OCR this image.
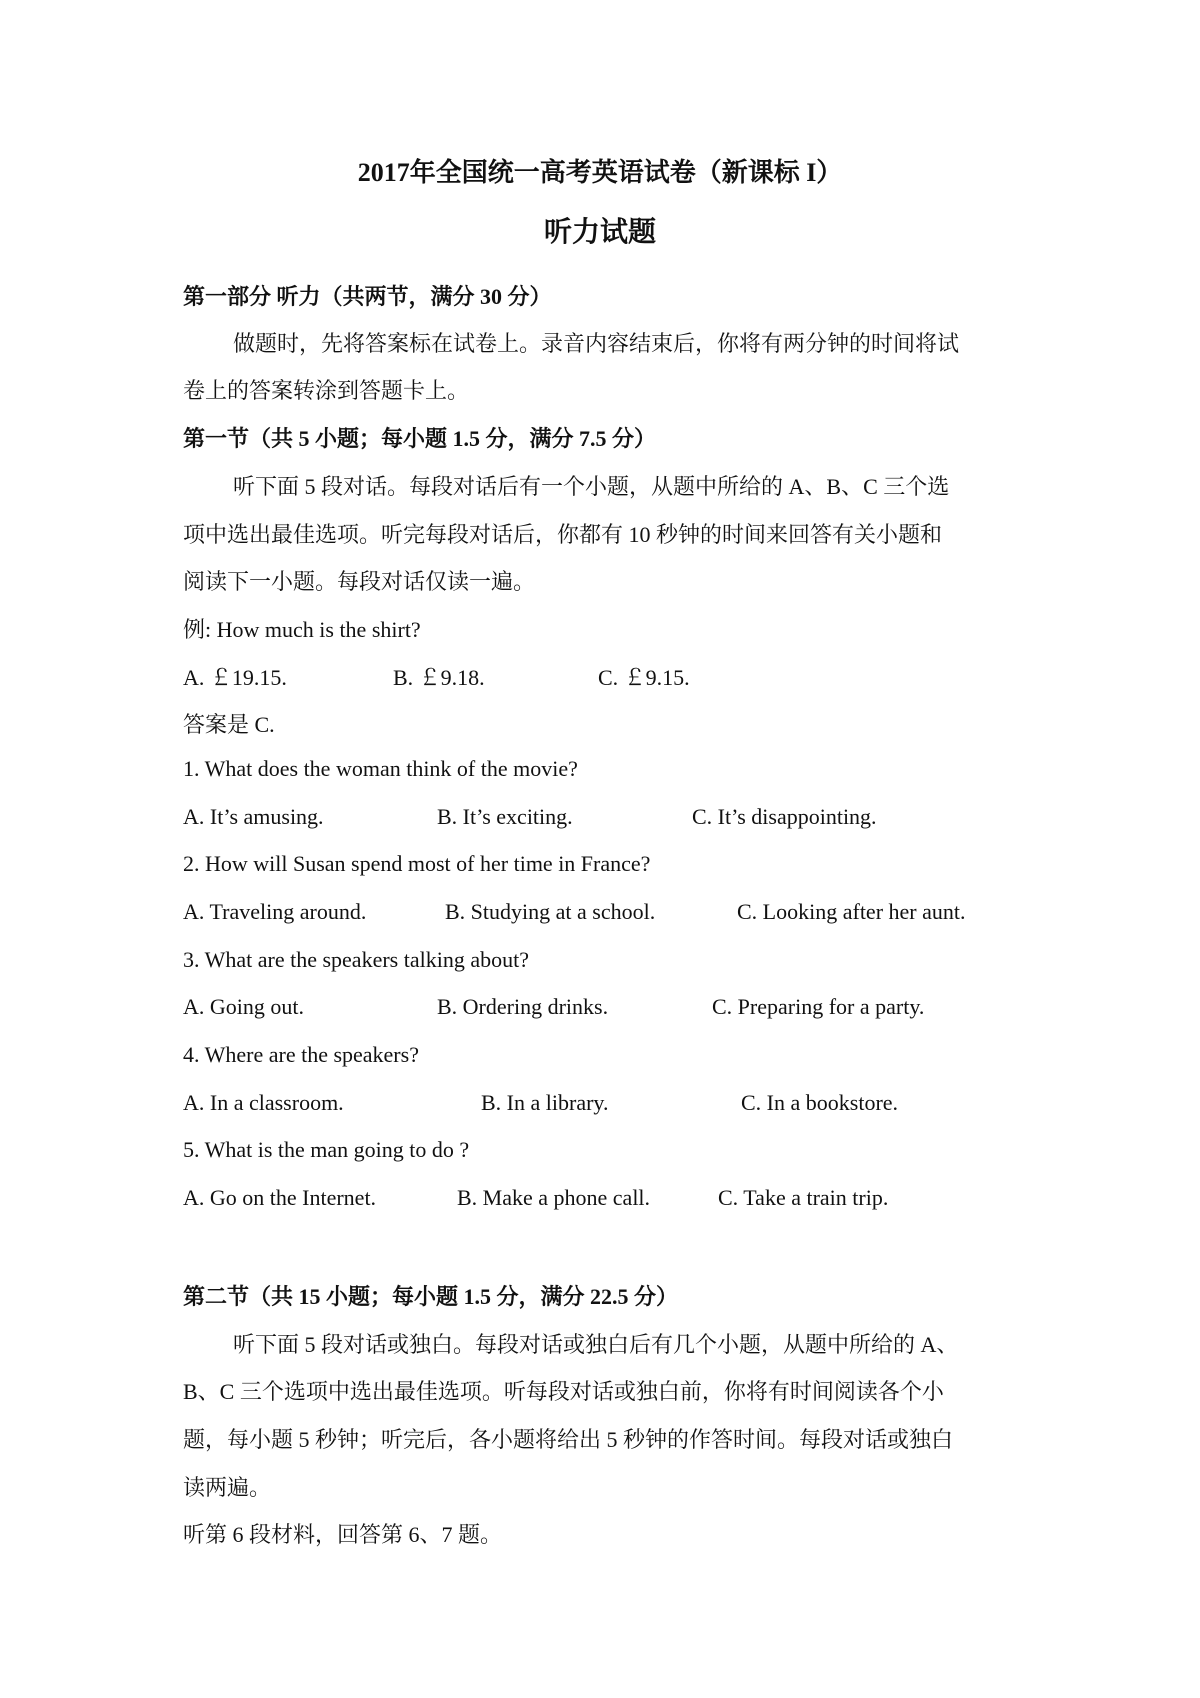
2017年全国统一高考英语试卷（新课标 I）
听力试题
第一部分 听力（共两节，满分 30 分）
做题时，先将答案标在试卷上。录音内容结束后，你将有两分钟的时间将试
卷上的答案转涂到答题卡上。
第一节（共 5 小题；每小题 1.5 分，满分 7.5 分）
听下面 5 段对话。每段对话后有一个小题，从题中所给的 A、B、C 三个选
项中选出最佳选项。听完每段对话后，你都有 10 秒钟的时间来回答有关小题和
阅读下一小题。每段对话仅读一遍。
例: How much is the shirt?
A. ￡19.15.	B. ￡9.18.	C. ￡9.15.
答案是 C.
1. What does the woman think of the movie?
A. It’s amusing.	B. It’s exciting.	C. It’s disappointing.
2. How will Susan spend most of her time in France?
A. Traveling around.	B. Studying at a school.	C. Looking after her aunt.
3. What are the speakers talking about?
A. Going out.	B. Ordering drinks.	C. Preparing for a party.
4. Where are the speakers?
A. In a classroom.	B. In a library.	C. In a bookstore.
5. What is the man going to do ?
A. Go on the Internet.	B. Make a phone call.	C. Take a train trip.
第二节（共 15 小题；每小题 1.5 分，满分 22.5 分）
听下面 5 段对话或独白。每段对话或独白后有几个小题，从题中所给的 A、
B、C 三个选项中选出最佳选项。听每段对话或独白前，你将有时间阅读各个小
题，每小题 5 秒钟；听完后，各小题将给出 5 秒钟的作答时间。每段对话或独白
读两遍。
听第 6 段材料，回答第 6、7 题。
